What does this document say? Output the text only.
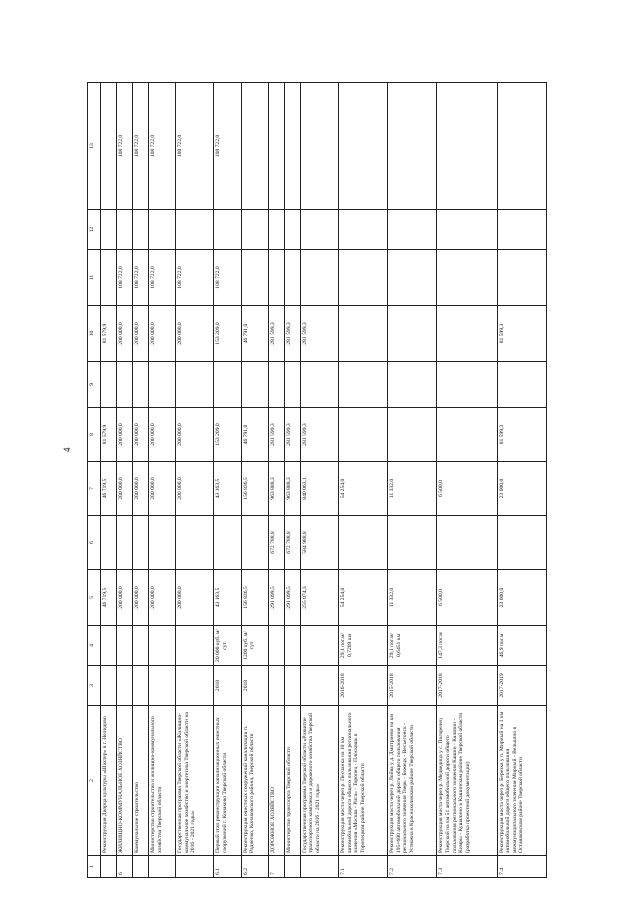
4
1	2	3	4	5	6	7	8	9	10	11	12	13
	Реконструкция Дворца культуры «Шахтер» в г. Нелидово			46 719,5		46 719,5	81 579,9		81 579,9			
6	ЖИЛИЩНО-КОММУНАЛЬНОЕ ХОЗЯЙСТВО			200 000,0		200 000,0	200 000,0		200 000,0	108 722,0		108 722,0
	Коммунальное строительство			200 000,0		200 000,0	200 000,0		200 000,0	108 722,0		108 722,0
	Министерство строительства и жилищно-коммунального хозяйства Тверской области			200 000,0		200 000,0	200 000,0		200 000,0	108 722,0		108 722,0
	Государственная программа Тверской области «Жилищно-коммунальное хозяйство и энергетика Тверской области на 2016 - 2021 годы»			200 000,0		200 000,0	200 000,0		200 000,0	108 722,0		108 722,0
6.1	Первый этап реконструкции канализационных очистных сооружений г. Конаково Тверской области	2018	20 000 куб. м/сут.	43 163,5		43 163,5	153 209,0		153 209,0	108 722,0		108 722,0
6.2	Реконструкция очистных сооружений канализации п. Радченко, Конаковского района, Тверской области	2018	1200 куб. м/сут	156 836,5		156 836,5	46 791,0		46 791,0			
7	ДОРОЖНОЕ ХОЗЯЙСТВО			291 099,5	672 788,8	963 888,3	281 599,3		281 599,3			
	Министерство транспорта Тверской области			291 099,5	672 788,8	963 888,3	281 599,3		281 599,3			
	Государственная программа Тверской области «Развитие транспортного комплекса и дорожного хозяйства Тверской области на 2016 - 2021 годы»			255 074,3	584 988,8	840 063,1	281 599,3		281 599,3			
7.1	Реконструкция моста через р. Песчанка на 10 км автомобильной дороги общего пользования регионального значения «Москва - Рига» - Торопец - Плоскошь в Торопецком районе Тверской области	2016-2018	29,1 пог.м/ 0,7209 км	54 254,0		54 254,0						
7.2	Реконструкция моста через р. Лойва у д. Дмитриево на км 195+600 автомобильной дороги общего пользования регионального значения Тверь - Бежецк - Весьегонск - Устюжна в Краснохолмском районе Тверской области	2015-2018	29,1 пог.м/ 0,6451 км	11 332,0		11 332,0						
7.3	Реконструкция моста через р. Медведица у с. Погорелец Тверской на км 51 автомобильной дороги общего пользования регионального значения Кашин - Калязин - Кимры - Кушалино в Кашинском районе Тверской области (разработка проектной документации)	2017-2018	147,3 пог.м	6 500,0		6 500,0						
7.4	Реконструкция моста через р. Березка у п. Мирный на 1 км автомобильной дороги общего пользования межмуниципального значения Мирный - Велькино в Осташковском районе Тверской области	2017-2019	46,9 пог.м	23 000,0		23 000,0	81 599,3		81 599,3			
